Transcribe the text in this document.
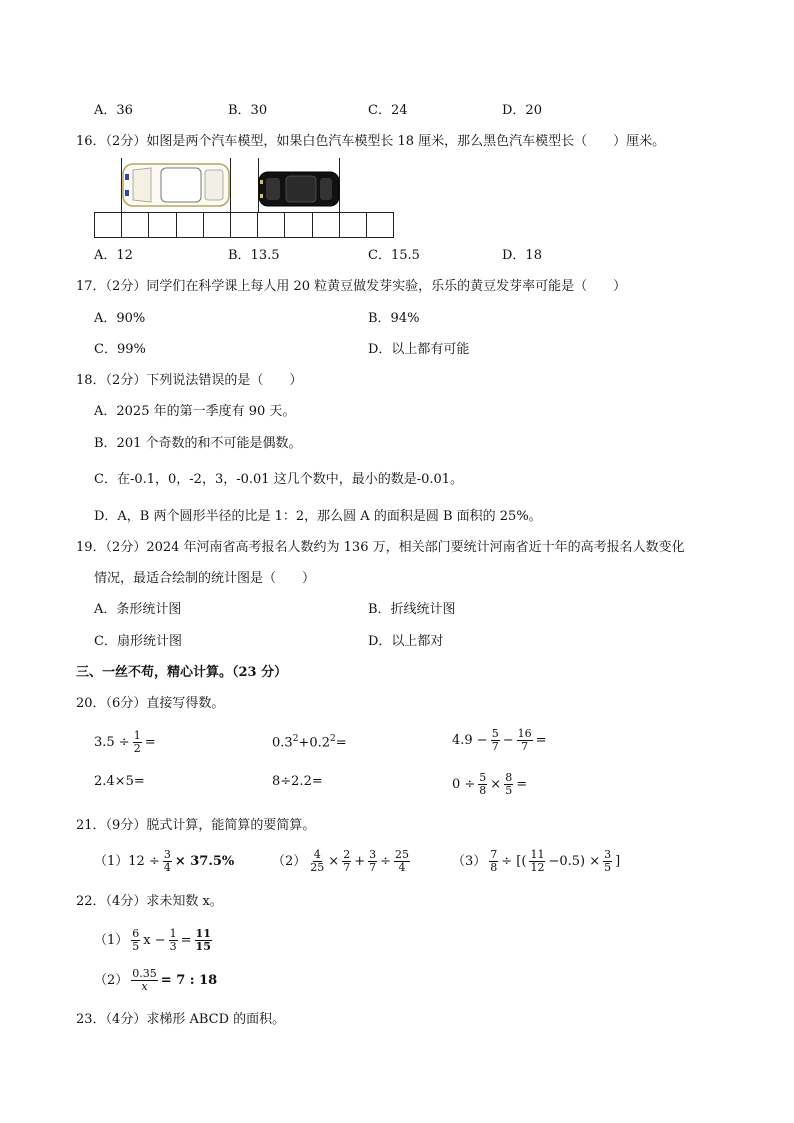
A．36	B．30	C．24	D．20
16．（2分）如图是两个汽车模型，如果白色汽车模型长 18 厘米，那么黑色汽车模型长（　　）厘米。
A．12	B．13.5	C．15.5	D．18
17．（2分）同学们在科学课上每人用 20 粒黄豆做发芽实验，乐乐的黄豆发芽率可能是（　　）
A．90%	B．94%
C．99%	D．以上都有可能
18．（2分）下列说法错误的是（　　）
A．2025 年的第一季度有 90 天。
B．201 个奇数的和不可能是偶数。
C．在-0.1，0，-2，3，-0.01 这几个数中，最小的数是-0.01。
D．A，B 两个圆形半径的比是 1：2，那么圆 A 的面积是圆 B 面积的 25%。
19．（2分）2024 年河南省高考报名人数约为 136 万，相关部门要统计河南省近十年的高考报名人数变化
情况，最适合绘制的统计图是（　　）
A．条形统计图	B．折线统计图
C．扇形统计图	D．以上都对
三、一丝不苟，精心计算。（23 分）
20．（6分）直接写得数。
$3.5 \div \frac{1}{2}$ =	$0.3^2+0.2^2=$	$4.9 - \frac{5}{7} - \frac{16}{7}$ =
2.4×5=	8÷2.2=	$0 \div \frac{5}{8} \times \frac{8}{5}$ =
21．（9分）脱式计算，能简算的要简算。
$(1)12 \div \frac{3}{4} \times 37.5\%$	$(2) \frac{4}{25} \times \frac{2}{7} + \frac{3}{7} \div \frac{25}{4}$	$(3) \frac{7}{8}$ ÷ [( $\frac{11}{12} -0.5) \times \frac{3}{5}$ ]
22．（4分）求未知数 x。
$(1) \frac{6}{5}$ $x - \frac{1}{3} = \frac{11}{15}$
$(2) \frac{0.35}{x} = 7$ : 18
23．（4分）求梯形 ABCD 的面积。
